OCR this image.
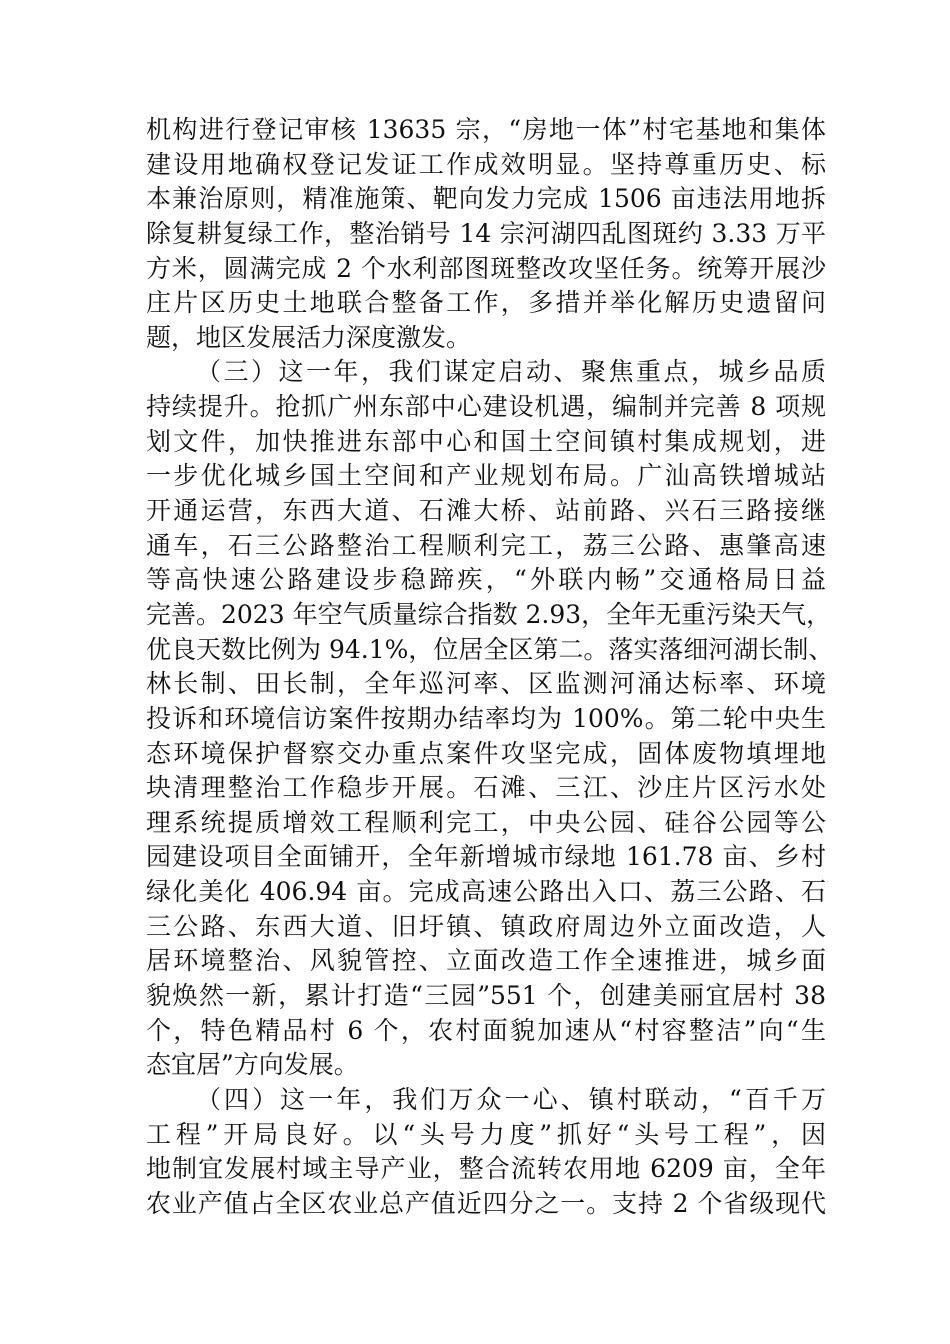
机构进行登记审核 13635 宗，“房地一体”村宅基地和集体
建设用地确权登记发证工作成效明显。坚持尊重历史、标
本兼治原则，精准施策、靶向发力完成 1506 亩违法用地拆
除复耕复绿工作，整治销号 14 宗河湖四乱图斑约 3.33 万平
方米，圆满完成 2 个水利部图斑整改攻坚任务。统筹开展沙
庄片区历史土地联合整备工作，多措并举化解历史遗留问
题，地区发展活力深度激发。
（三）这一年，我们谋定启动、聚焦重点，城乡品质
持续提升。抢抓广州东部中心建设机遇，编制并完善 8 项规
划文件，加快推进东部中心和国土空间镇村集成规划，进
一步优化城乡国土空间和产业规划布局。广汕高铁增城站
开通运营，东西大道、石滩大桥、站前路、兴石三路接继
通车，石三公路整治工程顺利完工，荔三公路、惠肇高速
等高快速公路建设步稳蹄疾，“外联内畅”交通格局日益
完善。2023 年空气质量综合指数 2.93，全年无重污染天气，
优良天数比例为 94.1%，位居全区第二。落实落细河湖长制、
林长制、田长制，全年巡河率、区监测河涌达标率、环境
投诉和环境信访案件按期办结率均为 100%。第二轮中央生
态环境保护督察交办重点案件攻坚完成，固体废物填埋地
块清理整治工作稳步开展。石滩、三江、沙庄片区污水处
理系统提质增效工程顺利完工，中央公园、硅谷公园等公
园建设项目全面铺开，全年新增城市绿地 161.78 亩、乡村
绿化美化 406.94 亩。完成高速公路出入口、荔三公路、石
三公路、东西大道、旧圩镇、镇政府周边外立面改造，人
居环境整治、风貌管控、立面改造工作全速推进，城乡面
貌焕然一新，累计打造“三园”551 个，创建美丽宜居村 38
个，特色精品村 6 个，农村面貌加速从“村容整洁”向“生
态宜居”方向发展。
（四）这一年，我们万众一心、镇村联动，“百千万
工程”开局良好。以“头号力度”抓好“头号工程”，因
地制宜发展村域主导产业，整合流转农用地 6209 亩，全年
农业产值占全区农业总产值近四分之一。支持 2 个省级现代
